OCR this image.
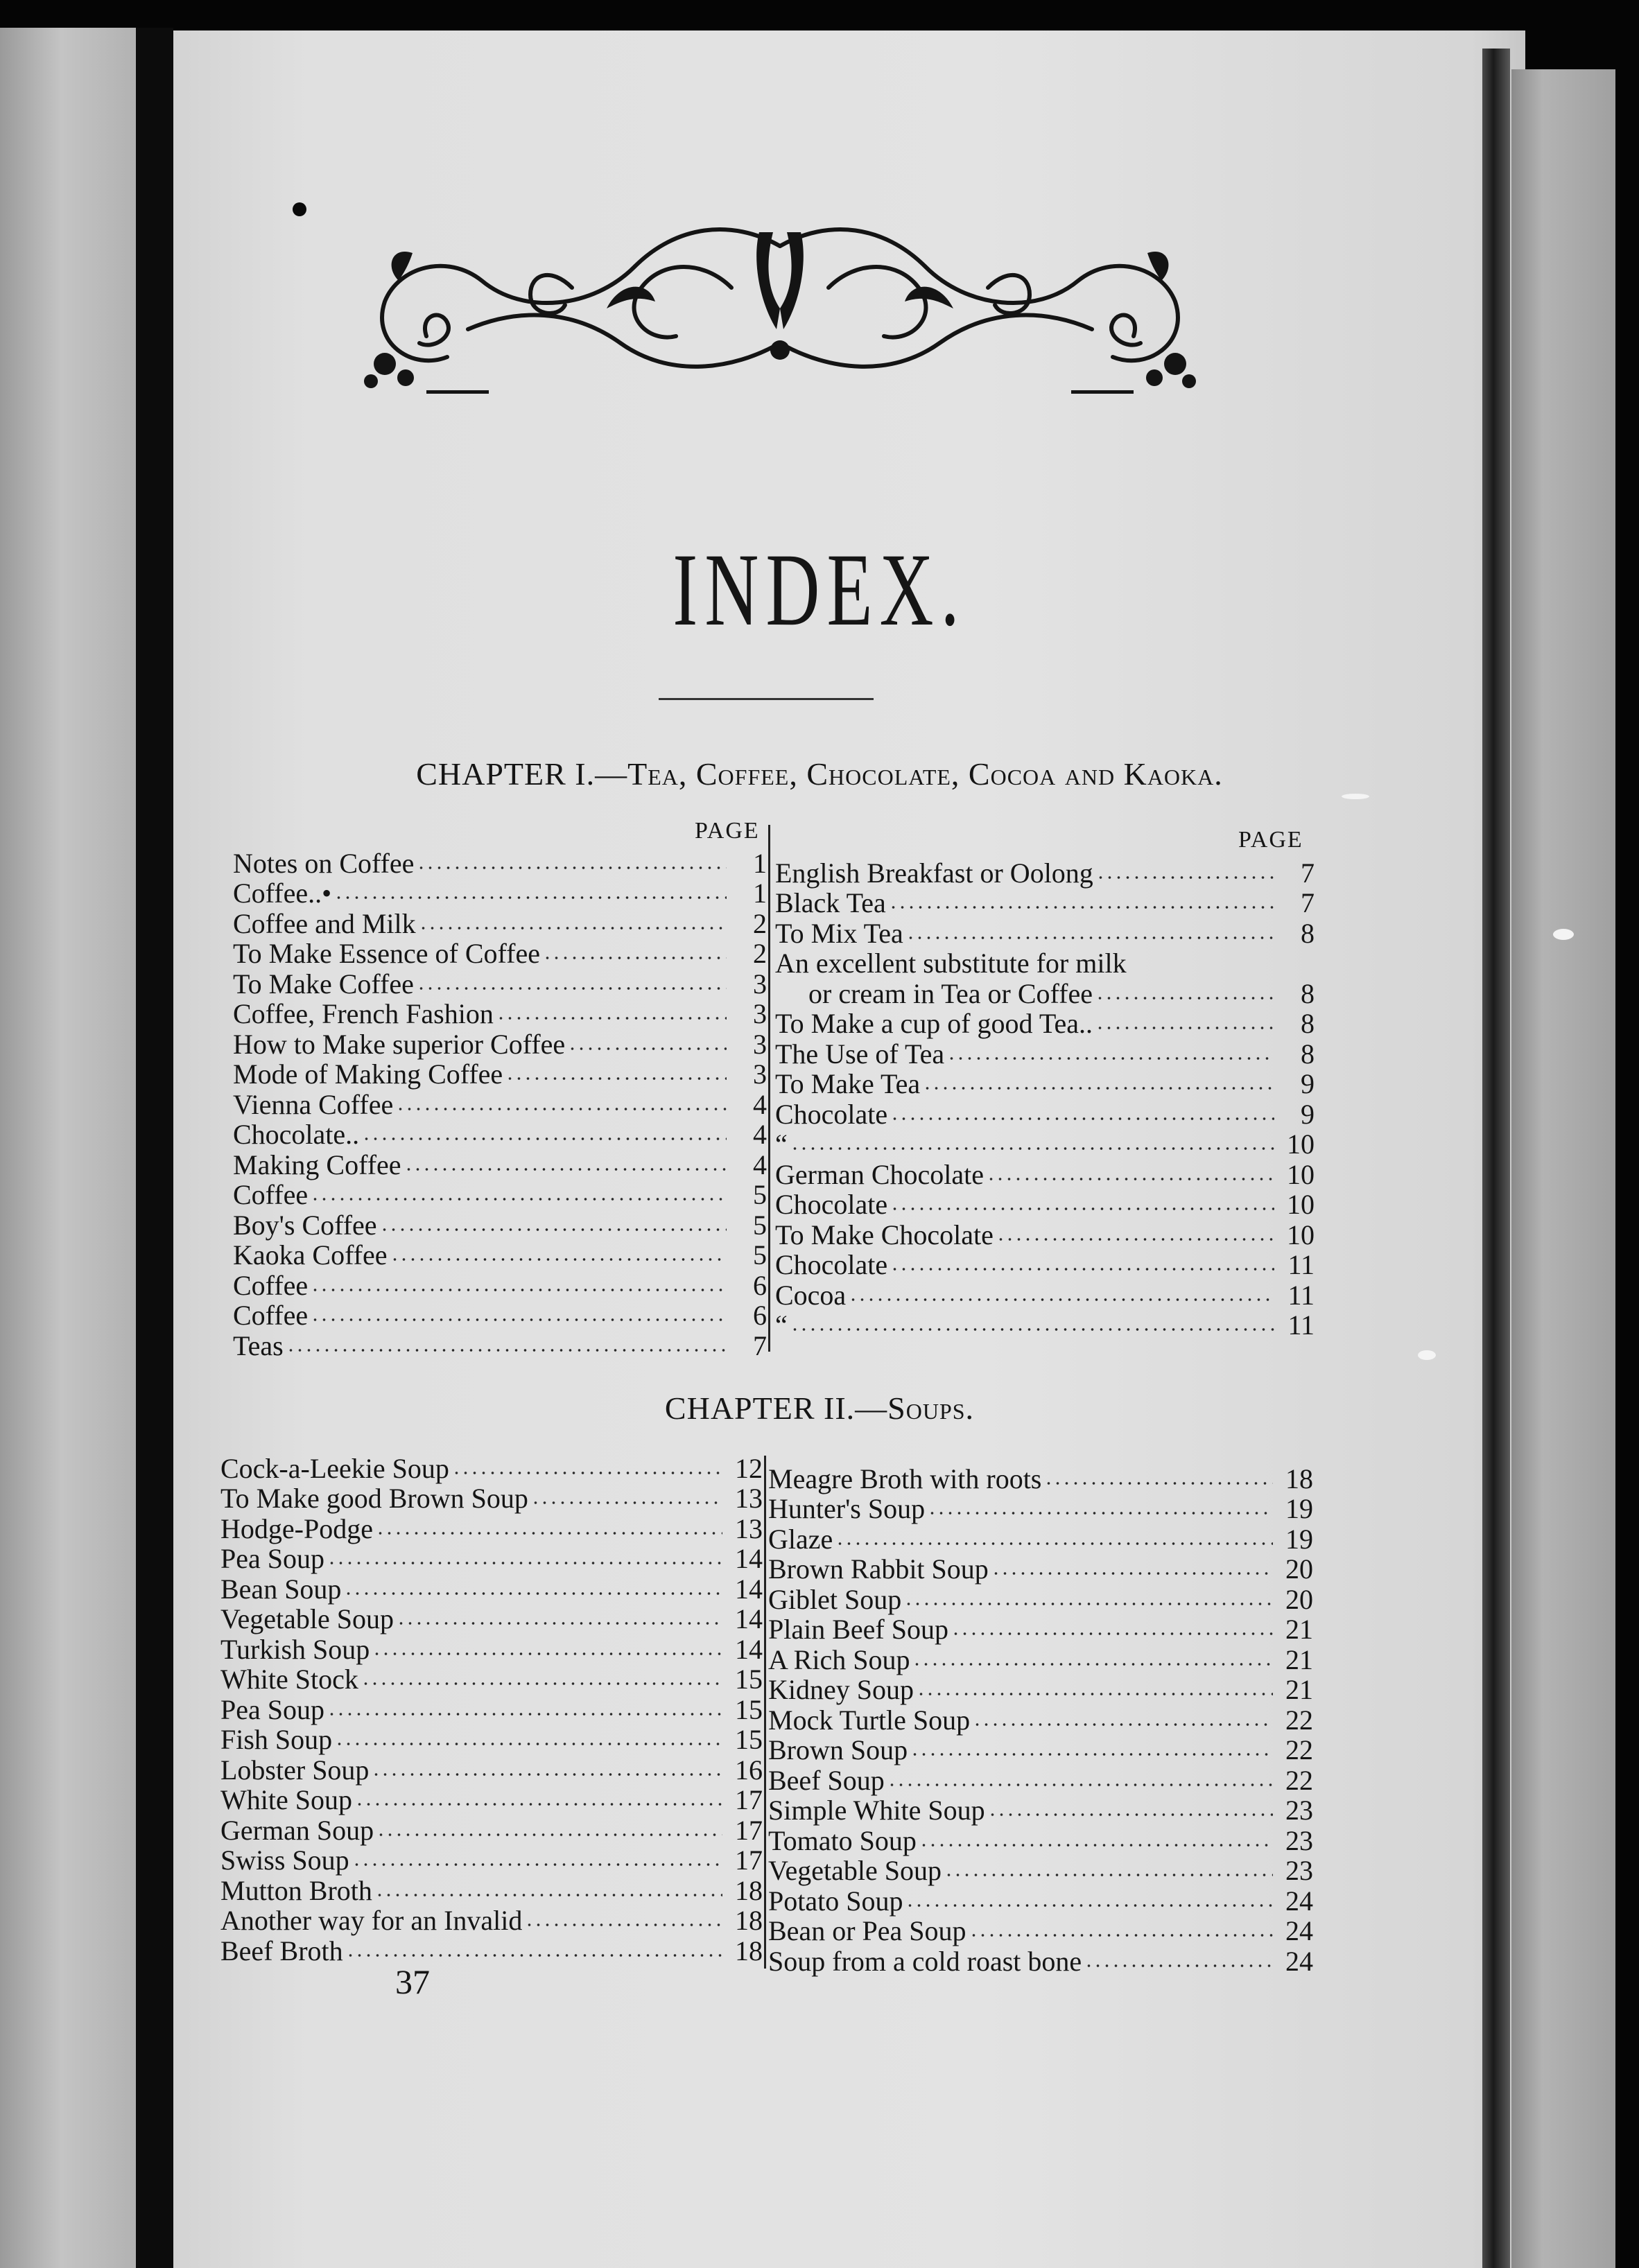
INDEX.
CHAPTER I.—Tea, Coffee, Chocolate, Cocoa and Kaoka.
PAGE	PAGE
Notes on Coffee	1
Coffee..•	1
Coffee and Milk	2
To Make Essence of Coffee	2
To Make Coffee	3
Coffee, French Fashion	3
How to Make superior Coffee	3
Mode of Making Coffee	3
Vienna Coffee	4
Chocolate..	4
Making Coffee	4
Coffee	5
Boy's Coffee	5
Kaoka Coffee	5
Coffee	6
Coffee	6
Teas	7
English Breakfast or Oolong	7
Black Tea	7
To Mix Tea	8
An excellent substitute for milk
or cream in Tea or Coffee	8
To Make a cup of good Tea..	8
The Use of Tea	8
To Make Tea	9
Chocolate	9
“	10
German Chocolate	10
Chocolate	10
To Make Chocolate	10
Chocolate	11
Cocoa	11
“	11
CHAPTER II.—Soups.
Cock-a-Leekie Soup	12
To Make good Brown Soup	13
Hodge-Podge	13
Pea Soup	14
Bean Soup	14
Vegetable Soup	14
Turkish Soup	14
White Stock	15
Pea Soup	15
Fish Soup	15
Lobster Soup	16
White Soup	17
German Soup	17
Swiss Soup	17
Mutton Broth	18
Another way for an Invalid	18
Beef Broth	18
Meagre Broth with roots	18
Hunter's Soup	19
Glaze	19
Brown Rabbit Soup	20
Giblet Soup	20
Plain Beef Soup	21
A Rich Soup	21
Kidney Soup	21
Mock Turtle Soup	22
Brown Soup	22
Beef Soup	22
Simple White Soup	23
Tomato Soup	23
Vegetable Soup	23
Potato Soup	24
Bean or Pea Soup	24
Soup from a cold roast bone	24
37
